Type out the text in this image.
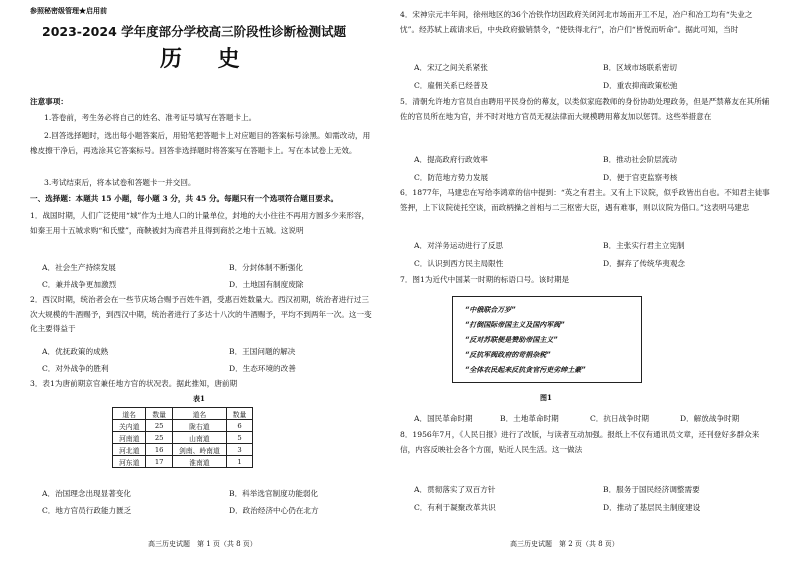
参照秘密级管理★启用前
2023-2024 学年度部分学校高三阶段性诊断检测试题
历 史
注意事项：
1.答卷前，考生务必将自己的姓名、准考证号填写在答题卡上。
2.回答选择题时，选出每小题答案后，用铅笔把答题卡上对应题目的答案标号涂黑。如需改动，用橡皮擦干净后，再选涂其它答案标号。回答非选择题时将答案写在答题卡上。写在本试卷上无效。
3.考试结束后，将本试卷和答题卡一并交回。
一、选择题：本题共 15 小题，每小题 3 分，共 45 分。每题只有一个选项符合题目要求。
1．战国时期，人们广泛使用“城”作为土地人口的计量单位，封地的大小往往不再用方圆多少来形容，如秦王用十五城求购“和氏璧”，商鞅被封为商君并且得到商於之地十五城。这说明
A．社会生产持续发展	B．分封体制不断强化
C．兼并战争更加激烈	D．土地国有制度废除
2．西汉时期，统治者会在一些节庆场合赐予百姓牛酒，受惠百姓数量大。西汉初期，统治者进行过三次大规模的牛酒赐予，到西汉中期，统治者进行了多达十八次的牛酒赐予，平均不到两年一次。这一变化主要得益于
A．优抚政策的成熟	B．王国问题的解决
C．对外战争的胜利	D．生态环境的改善
3．表1为唐前期京官兼任地方官的状况表。据此推知，唐前期
表1
道名	数量	道名	数量
关内道	25	陇右道	6
河南道	25	山南道	5
河北道	16	剑南、岭南道	3
河东道	17	淮南道	1
A．治国理念出现显著变化	B．科举选官制度功能弱化
C．地方官员行政能力匮乏	D．政治经济中心仍在北方
高三历史试题　第 1 页（共 8 页）
4．宋神宗元丰年间，徐州地区的36个冶铁作坊因政府关闭河北市场而开工不足，冶户和冶工均有“失业之忧”。经苏轼上疏请求后，中央政府撤销禁令，“使铁得北行”，冶户们“皆悦而听命”。据此可知，当时
A．宋辽之间关系紧张	B．区域市场联系密切
C．雇佣关系已经普及	D．重农抑商政策松弛
5．清朝允许地方官员自由聘用平民身份的幕友，以类似家庭教师的身份协助处理政务，但是严禁幕友在其所辅佐的官员所在地为官，并不时对地方官员无视法律而大规模聘用幕友加以惩罚。这些举措意在
A．提高政府行政效率	B．推动社会阶层流动
C．防范地方势力发展	D．便于官吏监察考核
6．1877年，马建忠在写给李鸿章的信中提到：“英之有君主。又有上下议院，似乎政皆出自也。不知君主徒事签押，上下议院徒托空谈，而政柄操之首相与二三枢密大臣，遇有难事，则以议院为借口。”这表明马建忠
A．对洋务运动进行了反思	B．主张实行君主立宪制
C．认识到西方民主局限性	D．摒弃了传统华夷观念
7．图1为近代中国某一时期的标语口号。该时期是
“中俄联合万岁”
“打倒国际帝国主义及国内军阀”
“反对苏联便是赞助帝国主义”
“反抗军阀政府的苛捐杂税”
“全体农民起来反抗贪官污吏劣绅土豪”
图1
A．国民革命时期	B．土地革命时期	C．抗日战争时期	D．解放战争时期
8．1956年7月，《人民日报》进行了改版，与读者互动加强。报纸上不仅有通讯员文章，还刊登好多群众来信，内容反映社会各个方面，贴近人民生活。这一做法
A．贯彻落实了双百方针	B．服务于国民经济调整需要
C．有利于凝聚改革共识	D．推动了基层民主制度建设
高三历史试题　第 2 页（共 8 页）
